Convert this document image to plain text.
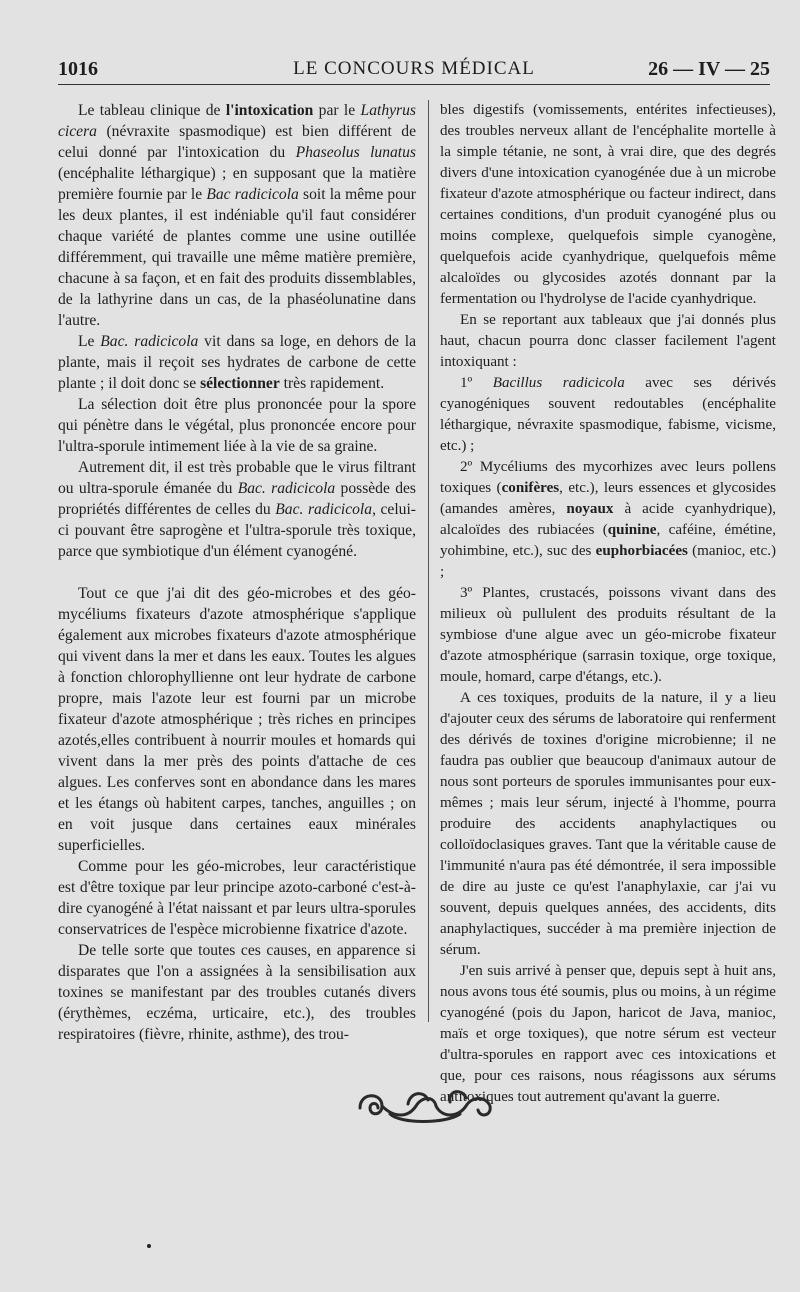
1016	LE CONCOURS MÉDICAL	26 — IV — 25

Le tableau clinique de l'intoxication par le Lathyrus cicera (névraxite spasmodique) est bien différent de celui donné par l'intoxication du Phaseolus lunatus (encéphalite léthargique) ; en supposant que la matière première fournie par le Bac radicicola soit la même pour les deux plantes, il est indéniable qu'il faut considérer chaque variété de plantes comme une usine outillée différemment, qui travaille une même matière première, chacune à sa façon, et en fait des produits dissemblables, de la lathyrine dans un cas, de la phaséolunatine dans l'autre.

Le Bac. radicicola vit dans sa loge, en dehors de la plante, mais il reçoit ses hydrates de carbone de cette plante ; il doit donc se sélectionner très rapidement.

La sélection doit être plus prononcée pour la spore qui pénètre dans le végétal, plus prononcée encore pour l'ultra-sporule intimement liée à la vie de sa graine.

Autrement dit, il est très probable que le virus filtrant ou ultra-sporule émanée du Bac. radicicola possède des propriétés différentes de celles du Bac. radicicola, celui-ci pouvant être saprogène et l'ultra-sporule très toxique, parce que symbiotique d'un élément cyanogéné.

Tout ce que j'ai dit des géo-microbes et des géo-mycéliums fixateurs d'azote atmosphérique s'applique également aux microbes fixateurs d'azote atmosphérique qui vivent dans la mer et dans les eaux. Toutes les algues à fonction chlorophyllienne ont leur hydrate de carbone propre, mais l'azote leur est fourni par un microbe fixateur d'azote atmosphérique ; très riches en principes azotés,elles contribuent à nourrir moules et homards qui vivent dans la mer près des points d'attache de ces algues. Les conferves sont en abondance dans les mares et les étangs où habitent carpes, tanches, anguilles ; on en voit jusque dans certaines eaux minérales superficielles.

Comme pour les géo-microbes, leur caractéristique est d'être toxique par leur principe azoto-carboné c'est-à-dire cyanogéné à l'état naissant et par leurs ultra-sporules conservatrices de l'espèce microbienne fixatrice d'azote.

De telle sorte que toutes ces causes, en apparence si disparates que l'on a assignées à la sensibilisation aux toxines se manifestant par des troubles cutanés divers (érythèmes, eczéma, urticaire, etc.), des troubles respiratoires (fièvre, rhinite, asthme), des trou-

bles digestifs (vomissements, entérites infectieuses), des troubles nerveux allant de l'encéphalite mortelle à la simple tétanie, ne sont, à vrai dire, que des degrés divers d'une intoxication cyanogénée due à un microbe fixateur d'azote atmosphérique ou facteur indirect, dans certaines conditions, d'un produit cyanogéné plus ou moins complexe, quelquefois simple cyanogène, quelquefois acide cyanhydrique, quelquefois même alcaloïdes ou glycosides azotés donnant par la fermentation ou l'hydrolyse de l'acide cyanhydrique.

En se reportant aux tableaux que j'ai donnés plus haut, chacun pourra donc classer facilement l'agent intoxiquant :

1º Bacillus radicicola avec ses dérivés cyanogéniques souvent redoutables (encéphalite léthargique, névraxite spasmodique, fabisme, vicisme, etc.) ;

2º Mycéliums des mycorhizes avec leurs pollens toxiques (conifères, etc.), leurs essences et glycosides (amandes amères, noyaux à acide cyanhydrique), alcaloïdes des rubiacées (quinine, caféine, émétine, yohimbine, etc.), suc des euphorbiacées (manioc, etc.) ;

3º Plantes, crustacés, poissons vivant dans des milieux où pullulent des produits résultant de la symbiose d'une algue avec un géo-microbe fixateur d'azote atmosphérique (sarrasin toxique, orge toxique, moule, homard, carpe d'étangs, etc.).

A ces toxiques, produits de la nature, il y a lieu d'ajouter ceux des sérums de laboratoire qui renferment des dérivés de toxines d'origine microbienne; il ne faudra pas oublier que beaucoup d'animaux autour de nous sont porteurs de sporules immunisantes pour eux-mêmes ; mais leur sérum, injecté à l'homme, pourra produire des accidents anaphylactiques ou colloïdoclasiques graves. Tant que la véritable cause de l'immunité n'aura pas été démontrée, il sera impossible de dire au juste ce qu'est l'anaphylaxie, car j'ai vu souvent, depuis quelques années, des accidents, dits anaphylactiques, succéder à ma première injection de sérum.

J'en suis arrivé à penser que, depuis sept à huit ans, nous avons tous été soumis, plus ou moins, à un régime cyanogéné (pois du Japon, haricot de Java, manioc, maïs et orge toxiques), que notre sérum est vecteur d'ultra-sporules en rapport avec ces intoxications et que, pour ces raisons, nous réagissons aux sérums antitoxiques tout autrement qu'avant la guerre.
